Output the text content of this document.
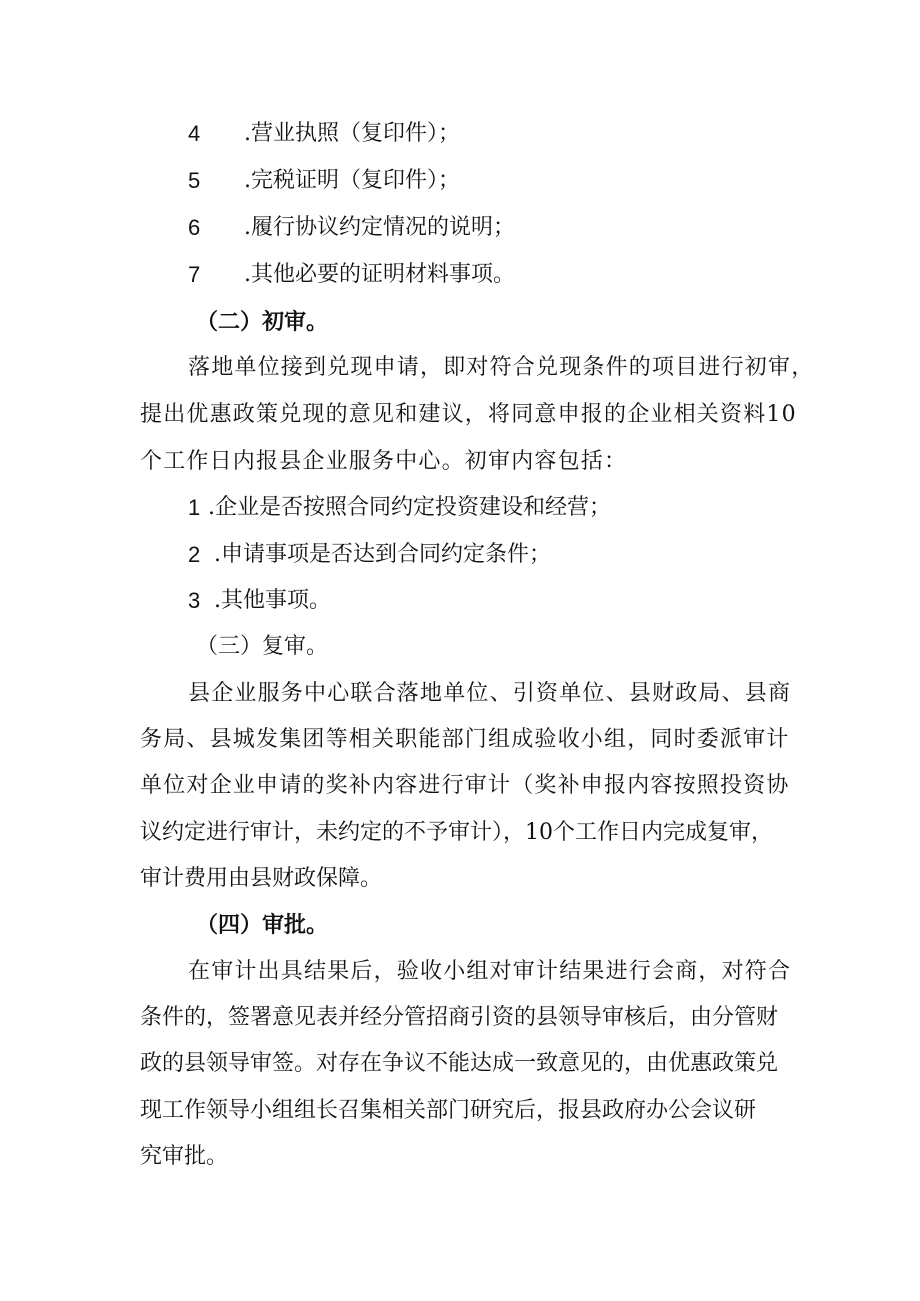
4 .营业执照（复印件）；
5 .完税证明（复印件）；
6 .履行协议约定情况的说明；
7 .其他必要的证明材料事项。
（二）初审。
落地单位接到兑现申请，即对符合兑现条件的项目进行初审，
提出优惠政策兑现的意见和建议，将同意申报的企业相关资料10
个工作日内报县企业服务中心。初审内容包括：
1 .企业是否按照合同约定投资建设和经营；
2 .申请事项是否达到合同约定条件；
3 .其他事项。
（三）复审。
县企业服务中心联合落地单位、引资单位、县财政局、县商
务局、县城发集团等相关职能部门组成验收小组，同时委派审计
单位对企业申请的奖补内容进行审计（奖补申报内容按照投资协
议约定进行审计，未约定的不予审计），10个工作日内完成复审，
审计费用由县财政保障。
（四）审批。
在审计出具结果后，验收小组对审计结果进行会商，对符合
条件的，签署意见表并经分管招商引资的县领导审核后，由分管财
政的县领导审签。对存在争议不能达成一致意见的，由优惠政策兑
现工作领导小组组长召集相关部门研究后，报县政府办公会议研
究审批。
